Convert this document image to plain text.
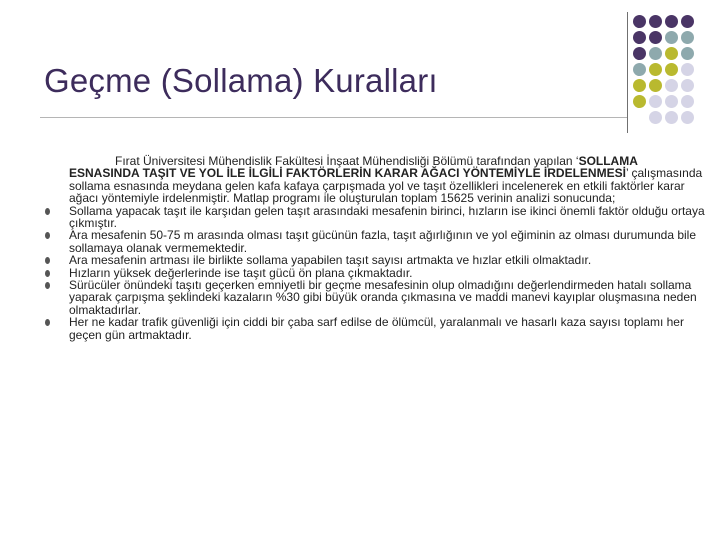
Geçme (Sollama) Kuralları

Fırat Üniversitesi Mühendislik Fakültesi İnşaat Mühendisliği Bölümü tarafından yapılan ‘SOLLAMA ESNASINDA TAŞIT VE YOL İLE İLGİLİ FAKTÖRLERİN KARAR AĞACI YÖNTEMİYLE İRDELENMESİ’ çalışmasında sollama esnasında meydana gelen kafa kafaya çarpışmada yol ve taşıt özellikleri incelenerek en etkili faktörler karar ağacı yöntemiyle irdelenmiştir. Matlap programı ile oluşturulan toplam 15625 verinin analizi sonucunda;

Sollama yapacak taşıt ile karşıdan gelen taşıt arasındaki mesafenin birinci, hızların ise ikinci önemli faktör olduğu ortaya çıkmıştır.
Ara mesafenin 50-75 m arasında olması taşıt gücünün fazla, taşıt ağırlığının ve yol eğiminin az olması durumunda bile sollamaya olanak vermemektedir.
Ara mesafenin artması ile birlikte sollama yapabilen taşıt sayısı artmakta ve hızlar etkili olmaktadır.
Hızların yüksek değerlerinde ise taşıt gücü ön plana çıkmaktadır.
Sürücüler önündeki taşıtı geçerken emniyetli bir geçme mesafesinin olup olmadığını değerlendirmeden hatalı sollama yaparak çarpışma şeklindeki kazaların %30 gibi büyük oranda çıkmasına ve maddi manevi kayıplar oluşmasına neden olmaktadırlar.
Her ne kadar trafik güvenliği için ciddi bir çaba sarf edilse de ölümcül, yaralanmalı ve hasarlı kaza sayısı toplamı her geçen gün artmaktadır.
